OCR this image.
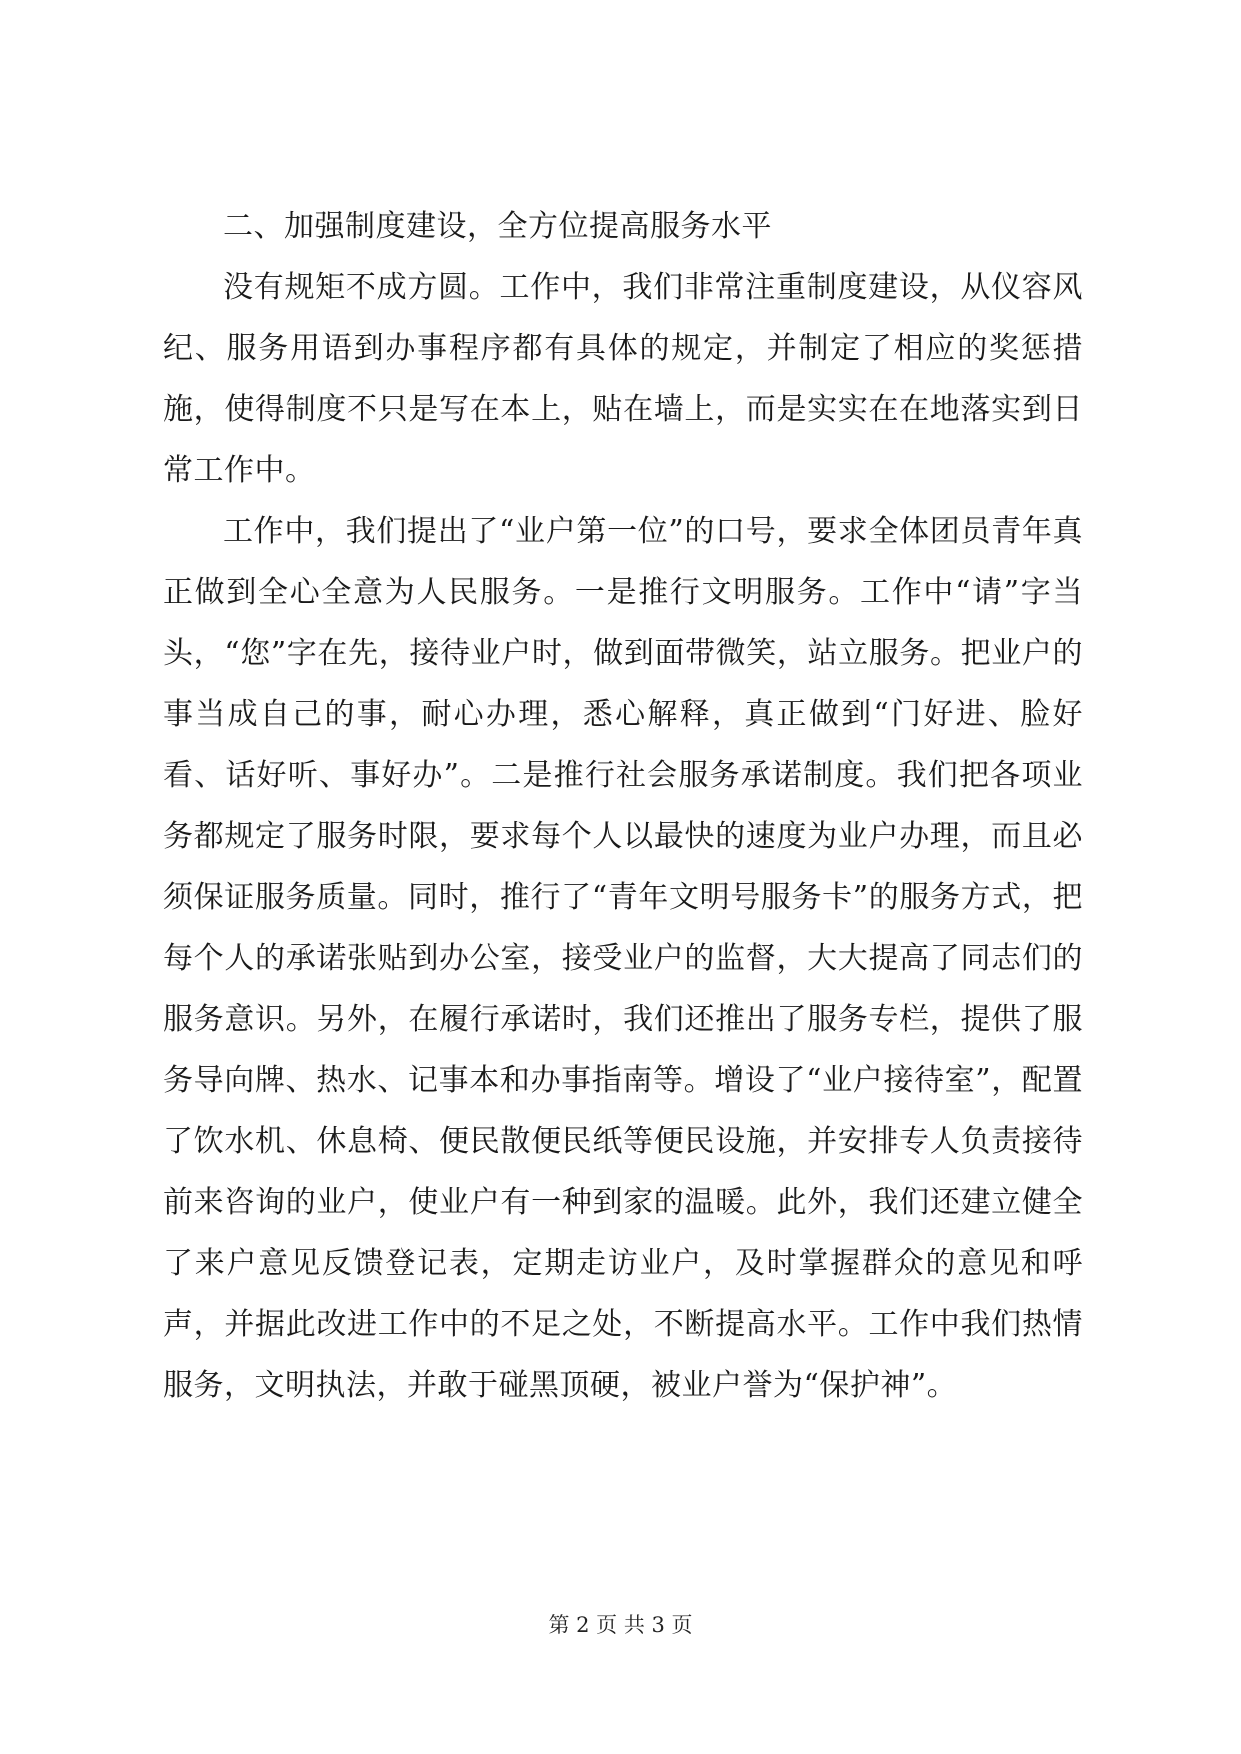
二、加强制度建设，全方位提高服务水平

没有规矩不成方圆。工作中，我们非常注重制度建设，从仪容风纪、服务用语到办事程序都有具体的规定，并制定了相应的奖惩措施，使得制度不只是写在本上，贴在墙上，而是实实在在地落实到日常工作中。

工作中，我们提出了“业户第一位”的口号，要求全体团员青年真正做到全心全意为人民服务。一是推行文明服务。工作中“请”字当头，“您”字在先，接待业户时，做到面带微笑，站立服务。把业户的事当成自己的事，耐心办理，悉心解释，真正做到“门好进、脸好看、话好听、事好办”。二是推行社会服务承诺制度。我们把各项业务都规定了服务时限，要求每个人以最快的速度为业户办理，而且必须保证服务质量。同时，推行了“青年文明号服务卡”的服务方式，把每个人的承诺张贴到办公室，接受业户的监督，大大提高了同志们的服务意识。另外，在履行承诺时，我们还推出了服务专栏，提供了服务导向牌、热水、记事本和办事指南等。增设了“业户接待室”，配置了饮水机、休息椅、便民散便民纸等便民设施，并安排专人负责接待前来咨询的业户，使业户有一种到家的温暖。此外，我们还建立健全了来户意见反馈登记表，定期走访业户，及时掌握群众的意见和呼声，并据此改进工作中的不足之处，不断提高水平。工作中我们热情服务，文明执法，并敢于碰黑顶硬，被业户誉为“保护神”。

第 2 页 共 3 页
